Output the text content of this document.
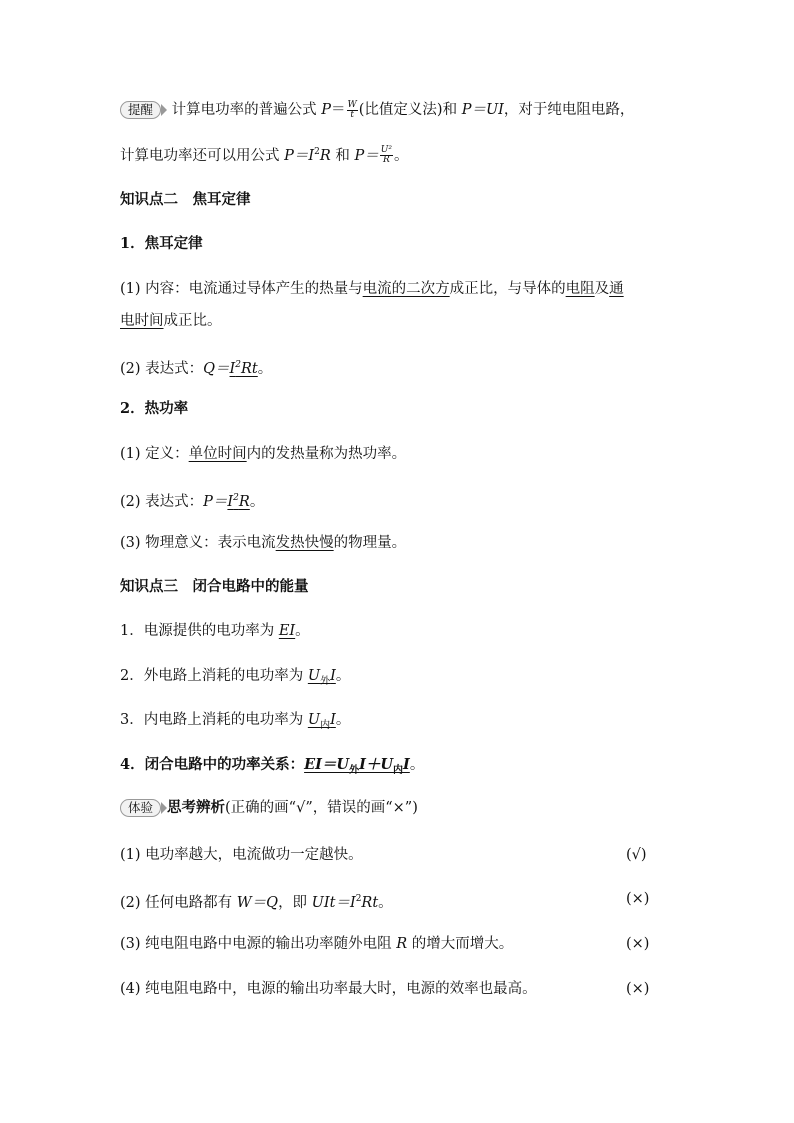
提醒 计算电功率的普遍公式 $P= \frac{W}{t}$ (比值定义法)和 P＝UI，对于纯电阻电路，
计算电功率还可以用公式 $P=I^2R$ 和 $P= \frac{\text{U²}}{R}$ 。
知识点二　焦耳定律
1．焦耳定律
(1) 内容：电流通过导体产生的热量与电流的二次方成正比，与导体的电阻及通
电时间成正比。
(2) 表达式：$Q=I^2Rt$。
2．热功率
(1) 定义：单位时间内的发热量称为热功率。
(2) 表达式：$P=I^2R$。
(3) 物理意义：表示电流发热快慢的物理量。
知识点三　闭合电路中的能量
1．电源提供的电功率为 EI。
2．外电路上消耗的电功率为 $U_外I$。
3．内电路上消耗的电功率为 $U_内I$。
4．闭合电路中的功率关系：$EI=U_外I+U_内I$。
体验 思考辨析(正确的画“√”，错误的画“×”)
(1) 电功率越大，电流做功一定越快。	(√)
(2) 任何电路都有 W＝Q，即 $UIt=I^2Rt$。	(×)
(3) 纯电阻电路中电源的输出功率随外电阻 R 的增大而增大。	(×)
(4) 纯电阻电路中，电源的输出功率最大时，电源的效率也最高。	(×)
